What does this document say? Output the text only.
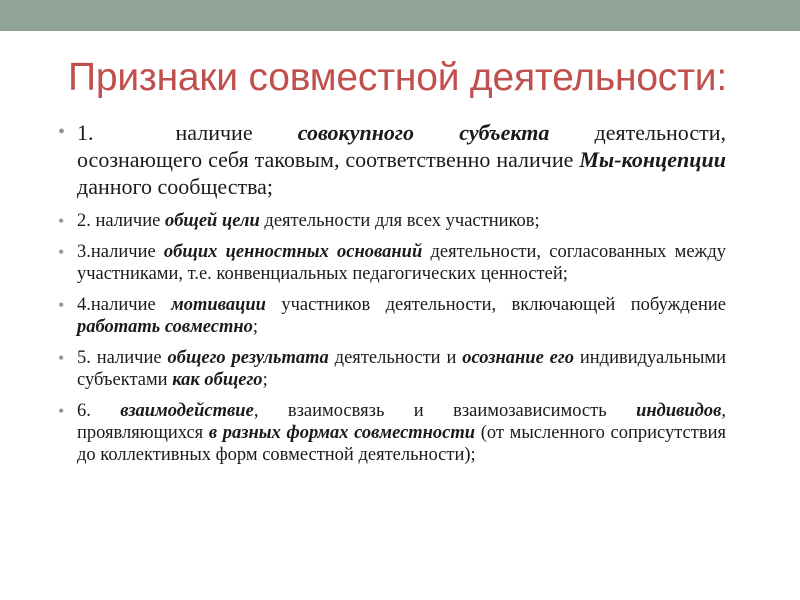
Признаки совместной деятельности:
• 1.	наличие совокупного субъекта деятельности, осознающего себя таковым, соответственно наличие Мы-концепции данного сообщества;
• 2. наличие общей цели деятельности для всех участников;
• 3.наличие общих ценностных оснований деятельности, согласованных между участниками, т.е. конвенциальных педагогических ценностей;
• 4.наличие мотивации участников деятельности, включающей побуждение работать совместно;
• 5. наличие общего результата деятельности и осознание его индивидуальными субъектами как общего;
• 6. взаимодействие, взаимосвязь и взаимозависимость индивидов, проявляющихся в разных формах совместности (от мысленного соприсутствия до коллективных форм совместной деятельности);
